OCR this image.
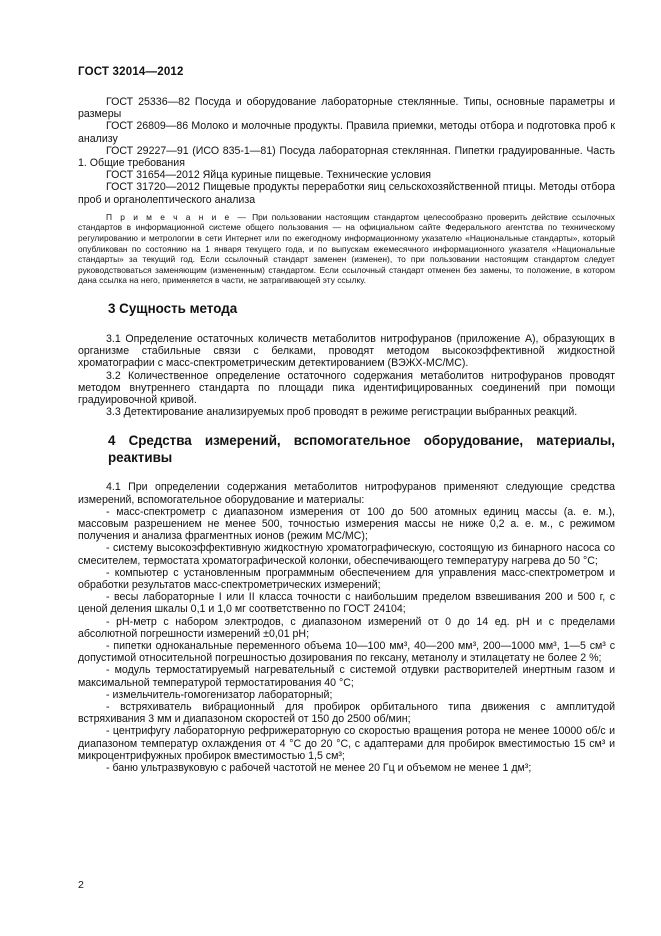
ГОСТ 32014—2012

ГОСТ 25336—82 Посуда и оборудование лабораторные стеклянные. Типы, основные параметры и размеры

ГОСТ 26809—86 Молоко и молочные продукты. Правила приемки, методы отбора и подготовка проб к анализу

ГОСТ 29227—91 (ИСО 835-1—81) Посуда лабораторная стеклянная. Пипетки градуированные. Часть 1. Общие требования

ГОСТ 31654—2012 Яйца куриные пищевые. Технические условия

ГОСТ 31720—2012 Пищевые продукты переработки яиц сельскохозяйственной птицы. Методы отбора проб и органолептического анализа

П р и м е ч а н и е — При пользовании настоящим стандартом целесообразно проверить действие ссылочных стандартов в информационной системе общего пользования — на официальном сайте Федерального агентства по техническому регулированию и метрологии в сети Интернет или по ежегодному информационному указателю «Национальные стандарты», который опубликован по состоянию на 1 января текущего года, и по выпускам ежемесячного информационного указателя «Национальные стандарты» за текущий год. Если ссылочный стандарт заменен (изменен), то при пользовании настоящим стандартом следует руководствоваться заменяющим (измененным) стандартом. Если ссылочный стандарт отменен без замены, то положение, в котором дана ссылка на него, применяется в части, не затрагивающей эту ссылку.
3 Сущность метода

3.1 Определение остаточных количеств метаболитов нитрофуранов (приложение А), образующих в организме стабильные связи с белками, проводят методом высокоэффективной жидкостной хроматографии с масс-спектрометрическим детектированием (ВЭЖХ-МС/МС).

3.2 Количественное определение остаточного содержания метаболитов нитрофуранов проводят методом внутреннего стандарта по площади пика идентифицированных соединений при помощи градуировочной кривой.

3.3 Детектирование анализируемых проб проводят в режиме регистрации выбранных реакций.

4 Средства измерений, вспомогательное оборудование, материалы, реактивы

4.1 При определении содержания метаболитов нитрофуранов применяют следующие средства измерений, вспомогательное оборудование и материалы:

- масс-спектрометр с диапазоном измерения от 100 до 500 атомных единиц массы (а. е. м.), массовым разрешением не менее 500, точностью измерения массы не ниже 0,2 а. е. м., с режимом получения и анализа фрагментных ионов (режим МС/МС);

- систему высокоэффективную жидкостную хроматографическую, состоящую из бинарного насоса со смесителем, термостата хроматографической колонки, обеспечивающего температуру нагрева до 50 °С;

- компьютер с установленным программным обеспечением для управления масс-спектрометром и обработки результатов масс-спектрометрических измерений;

- весы лабораторные I или II класса точности с наибольшим пределом взвешивания 200 и 500 г, с ценой деления шкалы 0,1 и 1,0 мг соответственно по ГОСТ 24104;

- рН-метр с набором электродов, с диапазоном измерений от 0 до 14 ед. рН и с пределами абсолютной погрешности измерений ±0,01 рН;

- пипетки одноканальные переменного объема 10—100 мм³, 40—200 мм³, 200—1000 мм³, 1—5 см³ с допустимой относительной погрешностью дозирования по гексану, метанолу и этилацетату не более 2 %;

- модуль термостатируемый нагревательный с системой отдувки растворителей инертным газом и максимальной температурой термостатирования 40 °С;

- измельчитель-гомогенизатор лабораторный;

- встряхиватель вибрационный для пробирок орбитального типа движения с амплитудой встряхивания 3 мм и диапазоном скоростей от 150 до 2500 об/мин;

- центрифугу лабораторную рефрижераторную со скоростью вращения ротора не менее 10000 об/с и диапазоном температур охлаждения от 4 °С до 20 °С, с адаптерами для пробирок вместимостью 15 см³ и микроцентрифужных пробирок вместимостью 1,5 см³;

- баню ультразвуковую с рабочей частотой не менее 20 Гц и объемом не менее 1 дм³;

2
